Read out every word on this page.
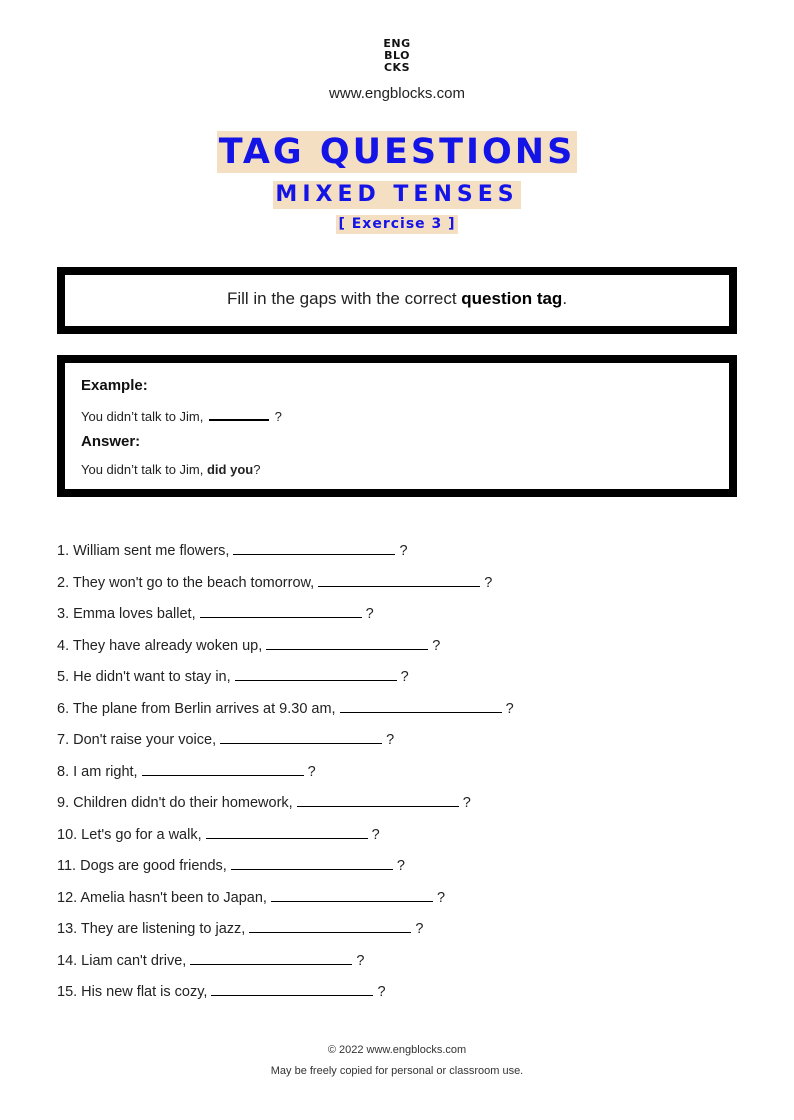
ENG
BLO
CKS
www.engblocks.com
TAG QUESTIONS
MIXED TENSES
[ Exercise 3 ]
Fill in the gaps with the correct question tag.
Example:
You didn’t talk to Jim,	?
Answer:
You didn’t talk to Jim, did you?
1. William sent me flowers,	?
2. They won't go to the beach tomorrow,	?
3. Emma loves ballet,	?
4. They have already woken up,	?
5. He didn't want to stay in,	?
6. The plane from Berlin arrives at 9.30 am,	?
7. Don't raise your voice,	?
8. I am right,	?
9. Children didn't do their homework,	?
10. Let's go for a walk,	?
11. Dogs are good friends,	?
12. Amelia hasn't been to Japan,	?
13. They are listening to jazz,	?
14. Liam can't drive,	?
15. His new flat is cozy,	?
© 2022 www.engblocks.com
May be freely copied for personal or classroom use.
